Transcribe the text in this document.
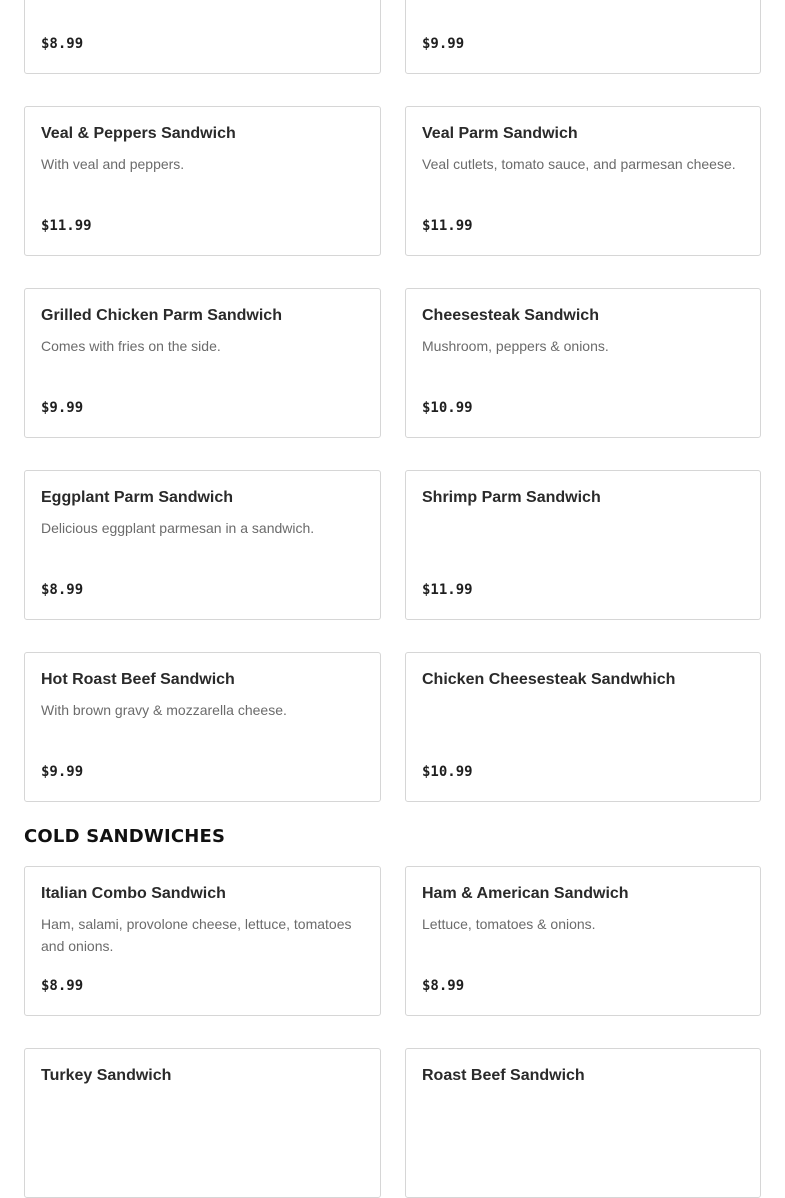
$8.99	$9.99
Veal & Peppers Sandwich
With veal and peppers.
$11.99
Veal Parm Sandwich
Veal cutlets, tomato sauce, and parmesan cheese.
$11.99
Grilled Chicken Parm Sandwich
Comes with fries on the side.
$9.99
Cheesesteak Sandwich
Mushroom, peppers & onions.
$10.99
Eggplant Parm Sandwich
Delicious eggplant parmesan in a sandwich.
$8.99
Shrimp Parm Sandwich
$11.99
Hot Roast Beef Sandwich
With brown gravy & mozzarella cheese.
$9.99
Chicken Cheesesteak Sandwhich
$10.99
COLD SANDWICHES
Italian Combo Sandwich
Ham, salami, provolone cheese, lettuce, tomatoes and onions.
$8.99
Ham & American Sandwich
Lettuce, tomatoes & onions.
$8.99
Turkey Sandwich	Roast Beef Sandwich
